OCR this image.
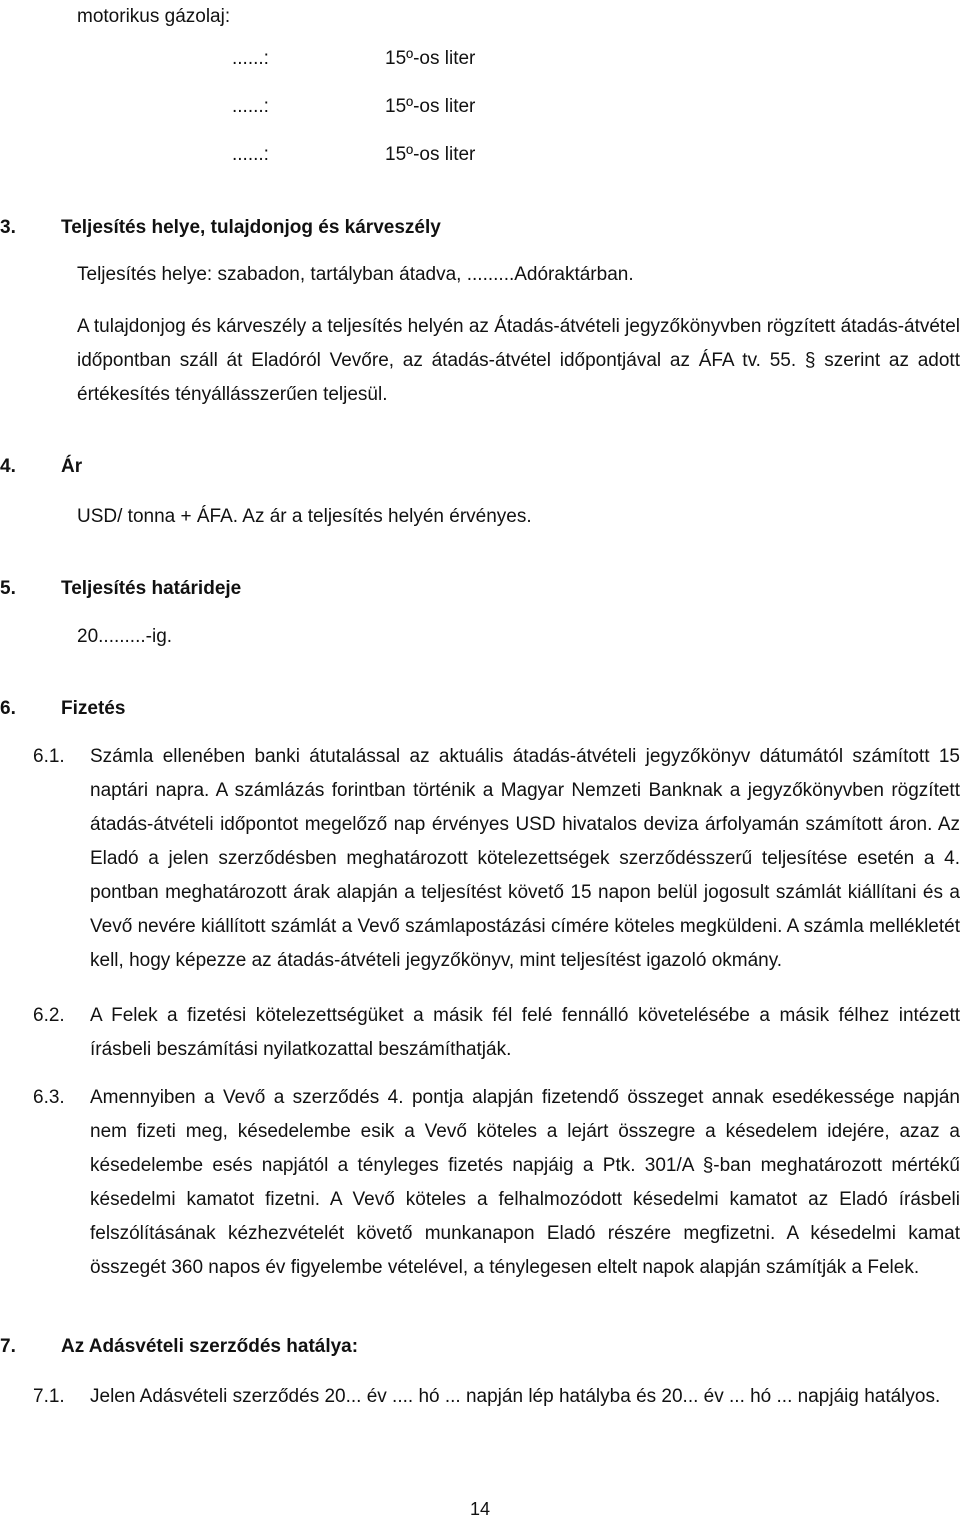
motorikus gázolaj:
......:	15º-os liter
......:	15º-os liter
......:	15º-os liter
3. Teljesítés helye, tulajdonjog és kárveszély
Teljesítés helye: szabadon, tartályban átadva, .........Adóraktárban.
A tulajdonjog és kárveszély a teljesítés helyén az Átadás-átvételi jegyzőkönyvben rögzített átadás-átvétel időpontban száll át Eladóról Vevőre, az átadás-átvétel időpontjával az ÁFA tv. 55. § szerint az adott értékesítés tényállásszerűen teljesül.
4. Ár
USD/ tonna + ÁFA. Az ár a teljesítés helyén érvényes.
5. Teljesítés határideje
20.........-ig.
6. Fizetés
6.1. Számla ellenében banki átutalással az aktuális átadás-átvételi jegyzőkönyv dátumától számított 15 naptári napra. A számlázás forintban történik a Magyar Nemzeti Banknak a jegyzőkönyvben rögzített átadás-átvételi időpontot megelőző nap érvényes USD hivatalos deviza árfolyamán számított áron. Az Eladó a jelen szerződésben meghatározott kötelezettségek szerződésszerű teljesítése esetén a 4. pontban meghatározott árak alapján a teljesítést követő 15 napon belül jogosult számlát kiállítani és a Vevő nevére kiállított számlát a Vevő számlapostázási címére köteles megküldeni. A számla mellékletét kell, hogy képezze az átadás-átvételi jegyzőkönyv, mint teljesítést igazoló okmány.
6.2. A Felek a fizetési kötelezettségüket a másik fél felé fennálló követelésébe a másik félhez intézett írásbeli beszámítási nyilatkozattal beszámíthatják.
6.3. Amennyiben a Vevő a szerződés 4. pontja alapján fizetendő összeget annak esedékessége napján nem fizeti meg, késedelembe esik a Vevő köteles a lejárt összegre a késedelem idejére, azaz a késedelembe esés napjától a tényleges fizetés napjáig a Ptk. 301/A §-ban meghatározott mértékű késedelmi kamatot fizetni. A Vevő köteles a felhalmozódott késedelmi kamatot az Eladó írásbeli felszólításának kézhezvételét követő munkanapon Eladó részére megfizetni. A késedelmi kamat összegét 360 napos év figyelembe vételével, a ténylegesen eltelt napok alapján számítják a Felek.
7. Az Adásvételi szerződés hatálya:
7.1. Jelen Adásvételi szerződés 20... év .... hó ... napján lép hatályba és 20... év ... hó ... napjáig hatályos.
14
